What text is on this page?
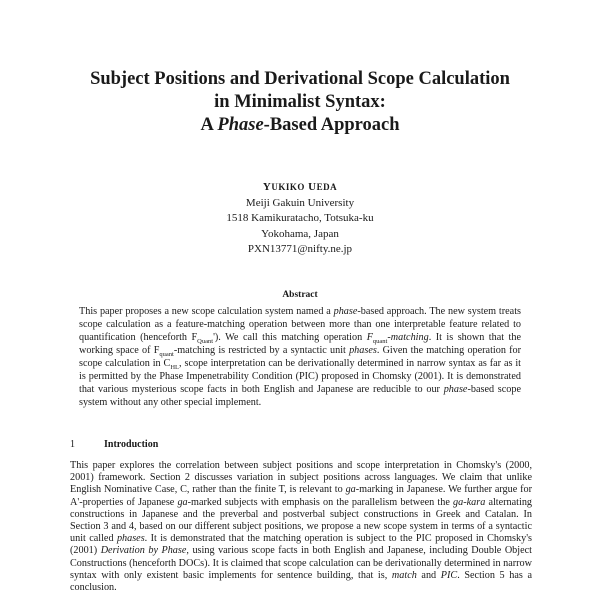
Subject Positions and Derivational Scope Calculation
in Minimalist Syntax:
A Phase-Based Approach
YUKIKO UEDA
Meiji Gakuin University
1518 Kamikuratacho, Totsuka-ku
Yokohama, Japan
PXN13771@nifty.ne.jp
Abstract

This paper proposes a new scope calculation system named a phase-based approach. The new system treats scope calculation as a feature-matching operation between more than one interpretable feature related to quantification (henceforth $F_{Quant}'$). We call this matching operation $F_{quant}$-matching. It is shown that the working space of $F_{quant}$-matching is restricted by a syntactic unit phases. Given the matching operation for scope calculation in $C_{HL}$, scope interpretation can be derivationally determined in narrow syntax as far as it is permitted by the Phase Impenetrability Condition (PIC) proposed in Chomsky (2001). It is demonstrated that various mysterious scope facts in both English and Japanese are reducible to our phase-based scope system without any other special implement.

1	Introduction

This paper explores the correlation between subject positions and scope interpretation in Chomsky's (2000, 2001) framework. Section 2 discusses variation in subject positions across languages. We claim that unlike English Nominative Case, C, rather than the finite T, is relevant to ga-marking in Japanese. We further argue for A'-properties of Japanese ga-marked subjects with emphasis on the parallelism between the ga-kara alternating constructions in Japanese and the preverbal and postverbal subject constructions in Greek and Catalan. In Section 3 and 4, based on our different subject positions, we propose a new scope system in terms of a syntactic unit called phases. It is demonstrated that the matching operation is subject to the PIC proposed in Chomsky's (2001) Derivation by Phase, using various scope facts in both English and Japanese, including Double Object Constructions (henceforth DOCs). It is claimed that scope calculation can be derivationally determined in narrow syntax with only existent basic implements for sentence building, that is, match and PIC. Section 5 has a conclusion.
